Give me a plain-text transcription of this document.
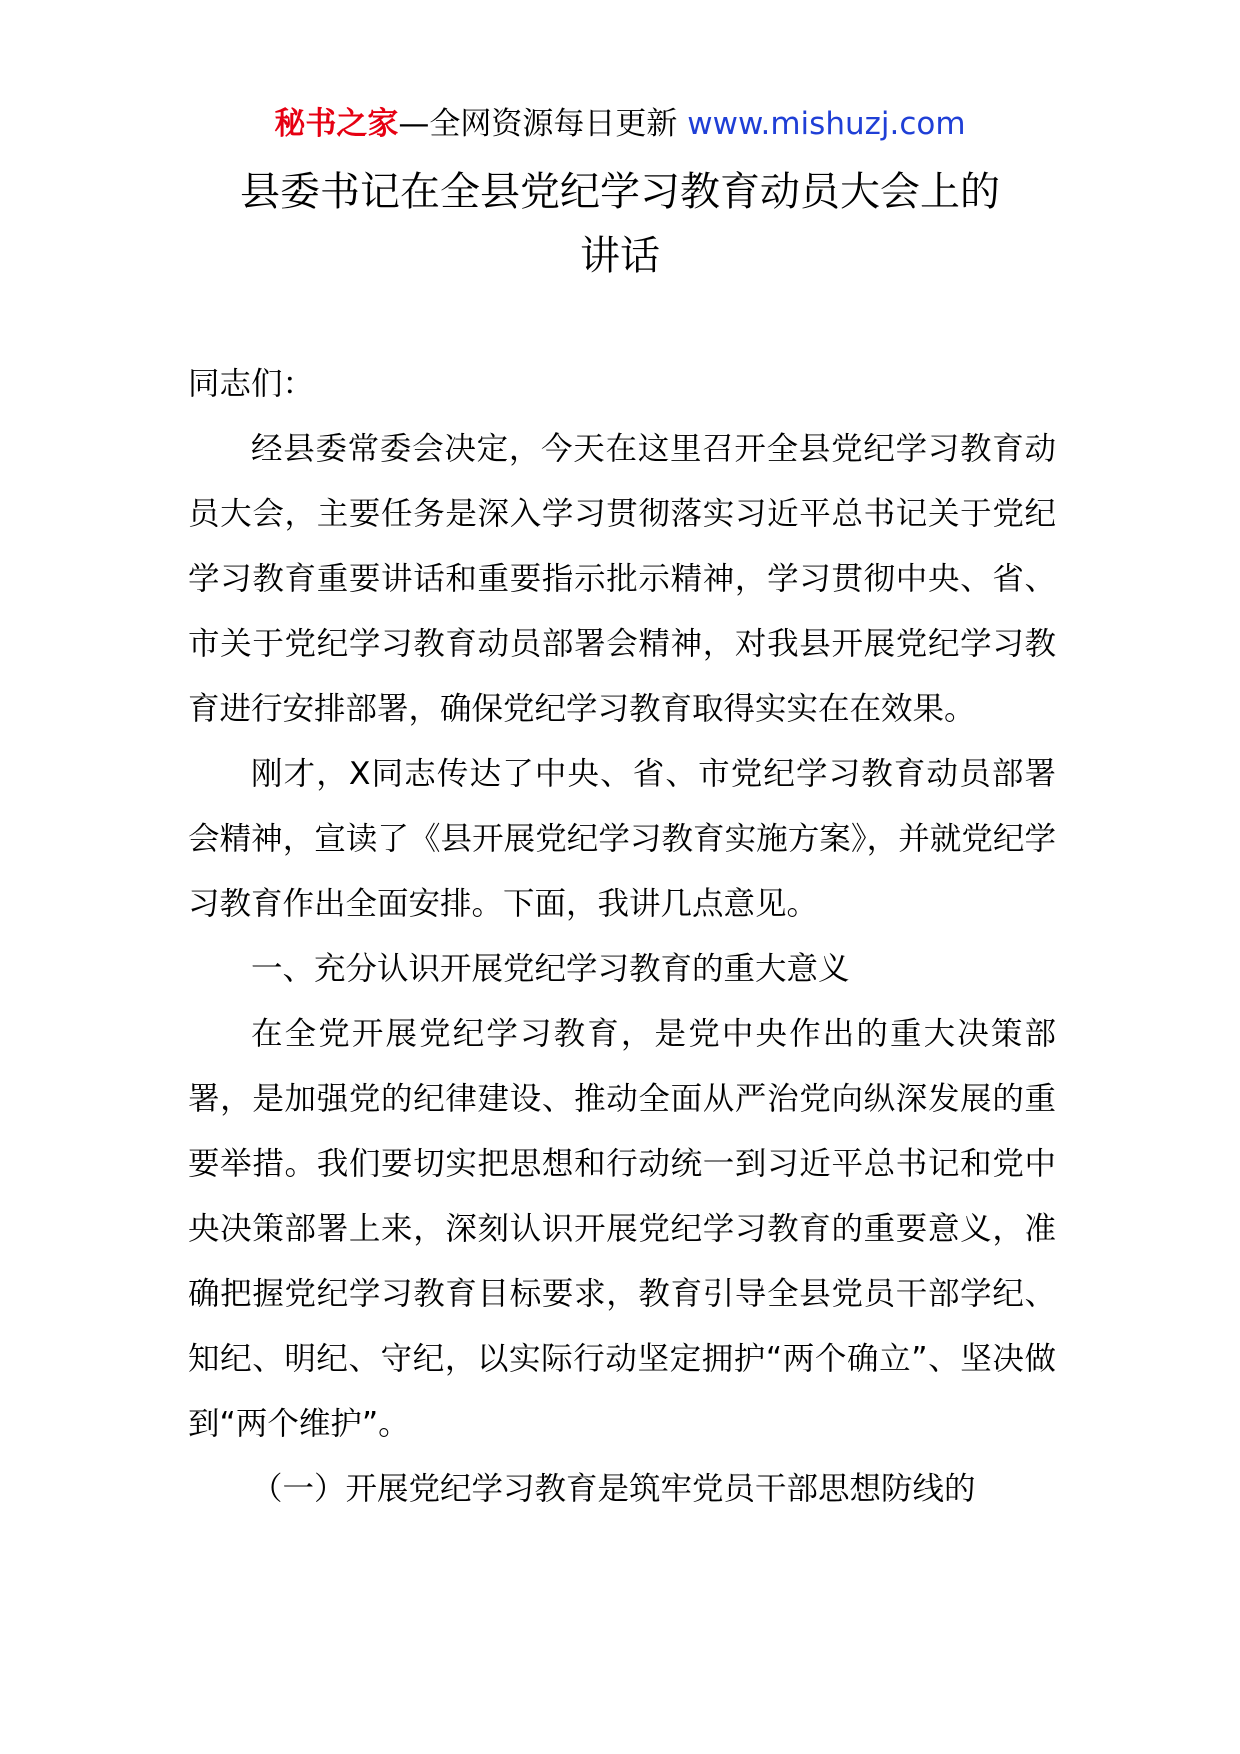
秘书之家—全网资源每日更新 www.mishuzj.com
县委书记在全县党纪学习教育动员大会上的
讲话

同志们：

经县委常委会决定，今天在这里召开全县党纪学习教育动员大会，主要任务是深入学习贯彻落实习近平总书记关于党纪学习教育重要讲话和重要指示批示精神，学习贯彻中央、省、市关于党纪学习教育动员部署会精神，对我县开展党纪学习教育进行安排部署，确保党纪学习教育取得实实在在效果。

刚才，X同志传达了中央、省、市党纪学习教育动员部署会精神，宣读了《县开展党纪学习教育实施方案》，并就党纪学习教育作出全面安排。下面，我讲几点意见。

一、充分认识开展党纪学习教育的重大意义

在全党开展党纪学习教育，是党中央作出的重大决策部署，是加强党的纪律建设、推动全面从严治党向纵深发展的重要举措。我们要切实把思想和行动统一到习近平总书记和党中央决策部署上来，深刻认识开展党纪学习教育的重要意义，准确把握党纪学习教育目标要求，教育引导全县党员干部学纪、知纪、明纪、守纪，以实际行动坚定拥护“两个确立”、坚决做到“两个维护”。

（一）开展党纪学习教育是筑牢党员干部思想防线的
